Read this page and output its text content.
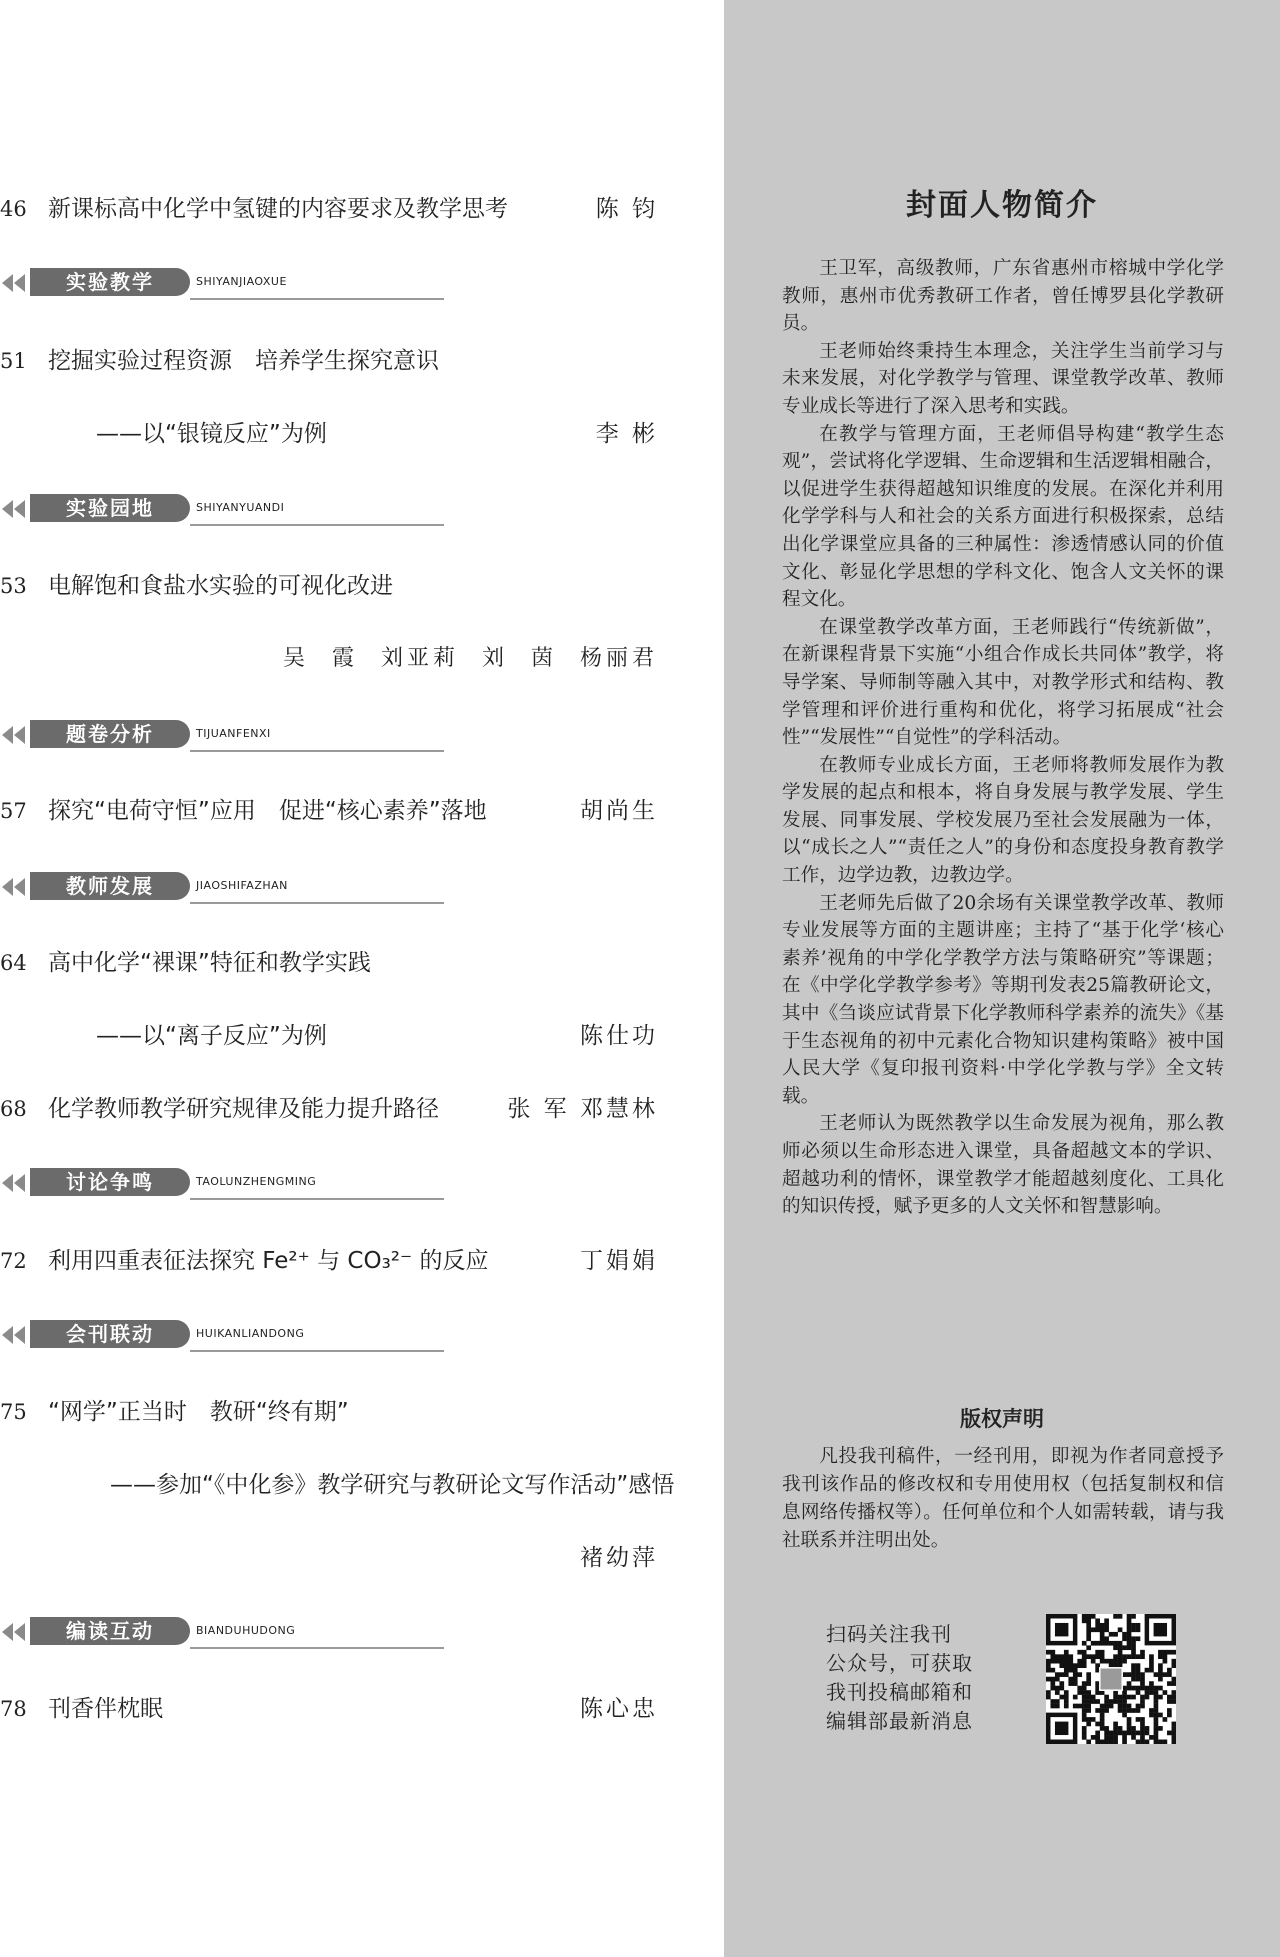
46 新课标高中化学中氢键的内容要求及教学思考	陈 钧
实验教学	SHIYANJIAOXUE
51 挖掘实验过程资源　培养学生探究意识
——以“银镜反应”为例	李 彬
实验园地	SHIYANYUANDI
53 电解饱和食盐水实验的可视化改进
吴 霞 刘亚莉 刘 茵 杨丽君
题卷分析	TIJUANFENXI
57 探究“电荷守恒”应用　促进“核心素养”落地	胡尚生
教师发展	JIAOSHIFAZHAN
64 高中化学“裸课”特征和教学实践
——以“离子反应”为例	陈仕功
68 化学教师教学研究规律及能力提升路径	张 军 邓慧林
讨论争鸣	TAOLUNZHENGMING
72 利用四重表征法探究 Fe²⁺ 与 CO₃²⁻ 的反应	丁娟娟
会刊联动	HUIKANLIANDONG
75 “网学”正当时　教研“终有期”
——参加“《中化参》教学研究与教研论文写作活动”感悟
褚幼萍
编读互动	BIANDUHUDONG
78 刊香伴枕眠	陈心忠
封面人物简介

王卫军，高级教师，广东省惠州市榕城中学化学教师，惠州市优秀教研工作者，曾任博罗县化学教研员。

王老师始终秉持生本理念，关注学生当前学习与未来发展，对化学教学与管理、课堂教学改革、教师专业成长等进行了深入思考和实践。

在教学与管理方面，王老师倡导构建“教学生态观”，尝试将化学逻辑、生命逻辑和生活逻辑相融合，以促进学生获得超越知识维度的发展。在深化并利用化学学科与人和社会的关系方面进行积极探索，总结出化学课堂应具备的三种属性：渗透情感认同的价值文化、彰显化学思想的学科文化、饱含人文关怀的课程文化。

在课堂教学改革方面，王老师践行“传统新做”，在新课程背景下实施“小组合作成长共同体”教学，将导学案、导师制等融入其中，对教学形式和结构、教学管理和评价进行重构和优化，将学习拓展成“社会性”“发展性”“自觉性”的学科活动。

在教师专业成长方面，王老师将教师发展作为教学发展的起点和根本，将自身发展与教学发展、学生发展、同事发展、学校发展乃至社会发展融为一体，以“成长之人”“责任之人”的身份和态度投身教育教学工作，边学边教，边教边学。

王老师先后做了20余场有关课堂教学改革、教师专业发展等方面的主题讲座；主持了“基于化学‘核心素养’视角的中学化学教学方法与策略研究”等课题；在《中学化学教学参考》等期刊发表25篇教研论文，其中《刍谈应试背景下化学教师科学素养的流失》《基于生态视角的初中元素化合物知识建构策略》被中国人民大学《复印报刊资料·中学化学教与学》全文转载。

王老师认为既然教学以生命发展为视角，那么教师必须以生命形态进入课堂，具备超越文本的学识、超越功利的情怀，课堂教学才能超越刻度化、工具化的知识传授，赋予更多的人文关怀和智慧影响。

版权声明

凡投我刊稿件，一经刊用，即视为作者同意授予我刊该作品的修改权和专用使用权（包括复制权和信息网络传播权等）。任何单位和个人如需转载，请与我社联系并注明出处。

扫码关注我刊
公众号，可获取
我刊投稿邮箱和
编辑部最新消息
